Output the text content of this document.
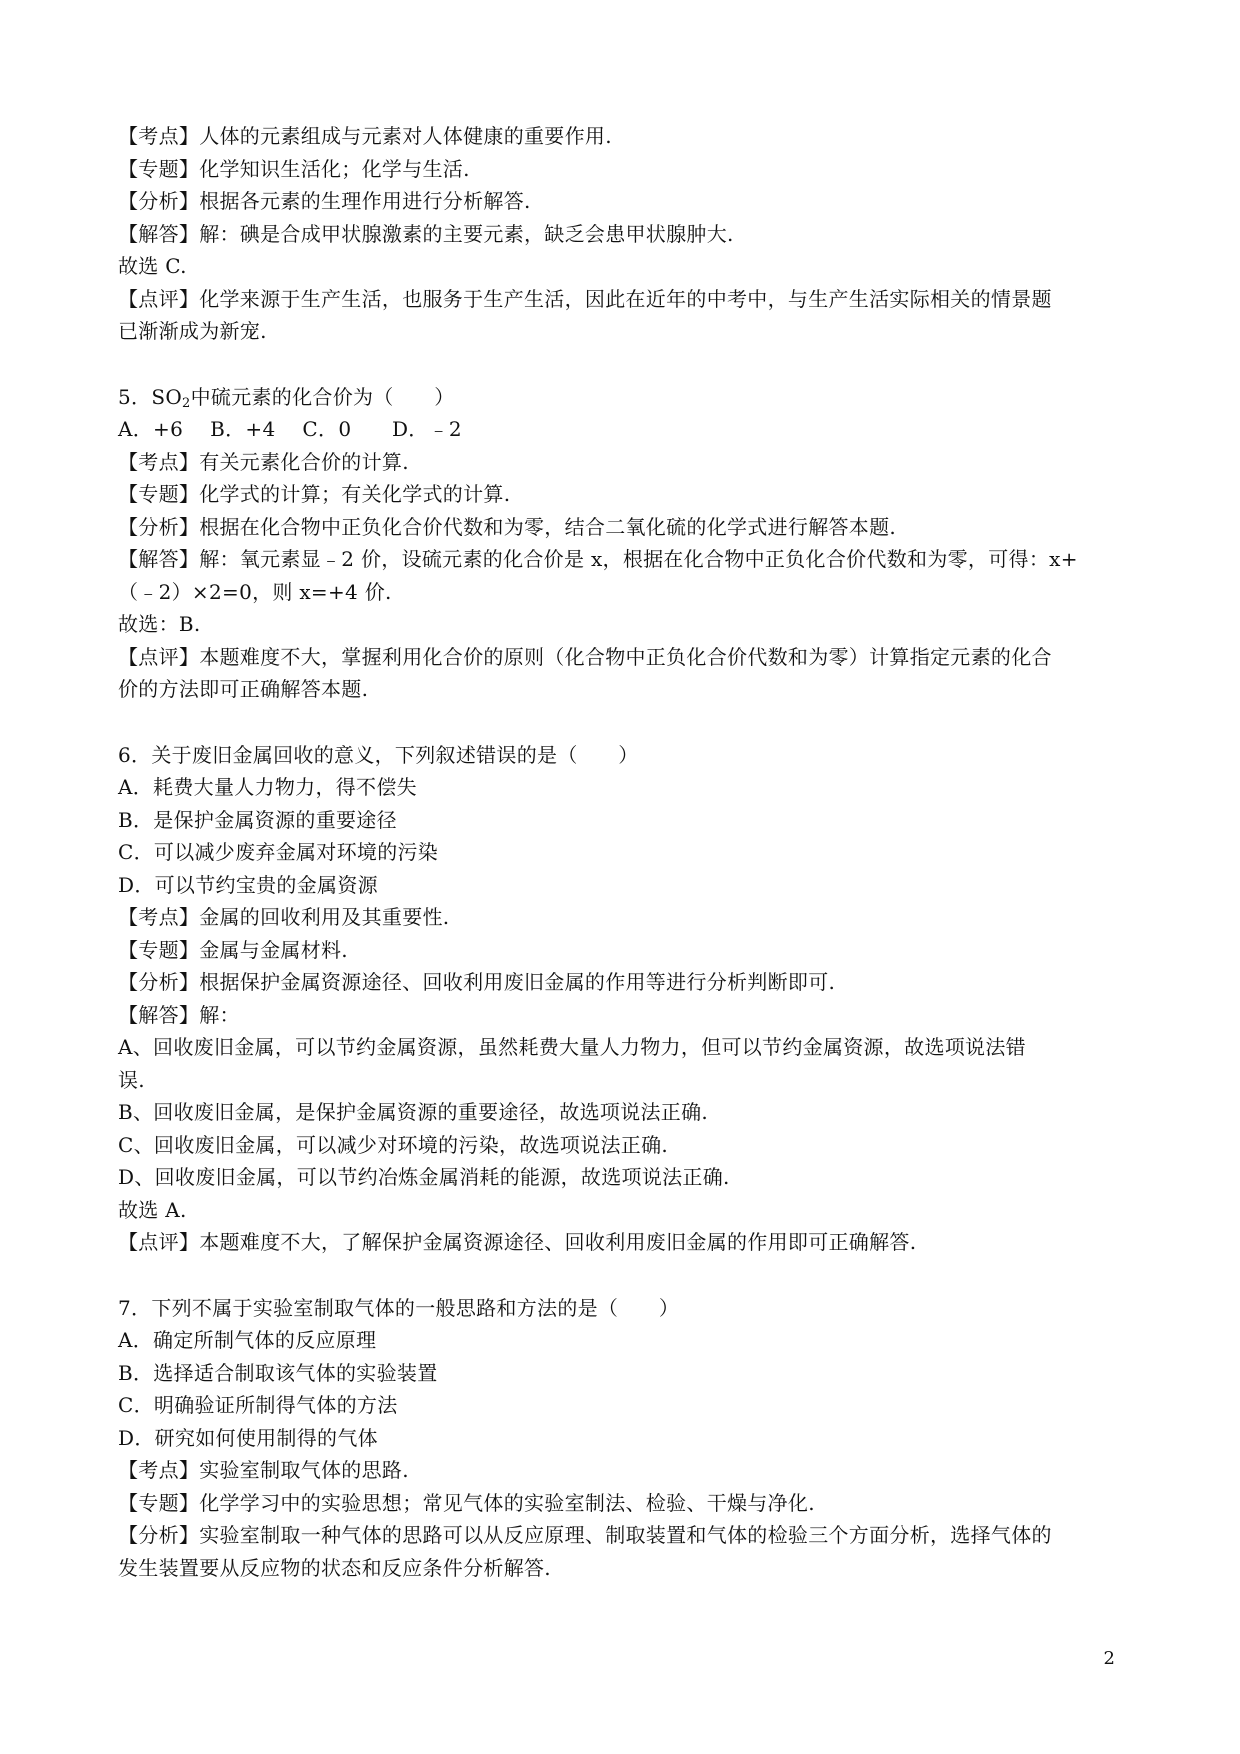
【考点】人体的元素组成与元素对人体健康的重要作用.
【专题】化学知识生活化；化学与生活.
【分析】根据各元素的生理作用进行分析解答.
【解答】解：碘是合成甲状腺激素的主要元素，缺乏会患甲状腺肿大.
故选 C.
【点评】化学来源于生产生活，也服务于生产生活，因此在近年的中考中，与生产生活实际相关的情景题
已渐渐成为新宠.
5．$SO_2$中硫元素的化合价为（　　）
A．+6　 B．+4　 C．0　　D．﹣2
【考点】有关元素化合价的计算.
【专题】化学式的计算；有关化学式的计算.
【分析】根据在化合物中正负化合价代数和为零，结合二氧化硫的化学式进行解答本题.
【解答】解：氧元素显﹣2 价，设硫元素的化合价是 x，根据在化合物中正负化合价代数和为零，可得：x+
（﹣2）×2=0，则 x=+4 价.
故选：B.
【点评】本题难度不大，掌握利用化合价的原则（化合物中正负化合价代数和为零）计算指定元素的化合
价的方法即可正确解答本题.
6．关于废旧金属回收的意义，下列叙述错误的是（　　）
A．耗费大量人力物力，得不偿失
B．是保护金属资源的重要途径
C．可以减少废弃金属对环境的污染
D．可以节约宝贵的金属资源
【考点】金属的回收利用及其重要性.
【专题】金属与金属材料.
【分析】根据保护金属资源途径、回收利用废旧金属的作用等进行分析判断即可.
【解答】解：
A、回收废旧金属，可以节约金属资源，虽然耗费大量人力物力，但可以节约金属资源，故选项说法错
误.
B、回收废旧金属，是保护金属资源的重要途径，故选项说法正确.
C、回收废旧金属，可以减少对环境的污染，故选项说法正确.
D、回收废旧金属，可以节约冶炼金属消耗的能源，故选项说法正确.
故选 A.
【点评】本题难度不大，了解保护金属资源途径、回收利用废旧金属的作用即可正确解答.
7．下列不属于实验室制取气体的一般思路和方法的是（　　）
A．确定所制气体的反应原理
B．选择适合制取该气体的实验装置
C．明确验证所制得气体的方法
D．研究如何使用制得的气体
【考点】实验室制取气体的思路.
【专题】化学学习中的实验思想；常见气体的实验室制法、检验、干燥与净化.
【分析】实验室制取一种气体的思路可以从反应原理、制取装置和气体的检验三个方面分析，选择气体的
发生装置要从反应物的状态和反应条件分析解答.
2
